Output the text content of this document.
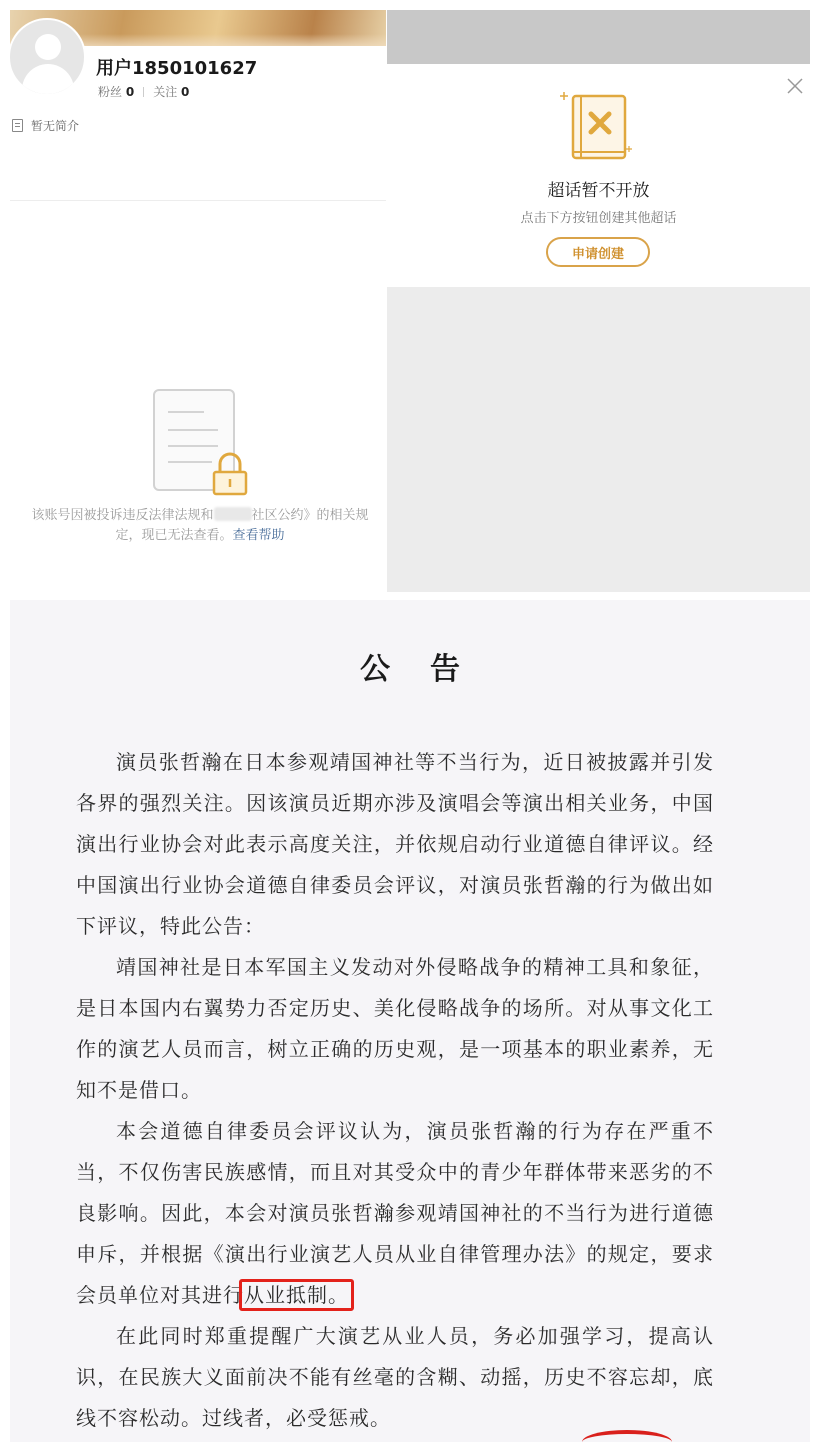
用户1850101627
粉丝 0 关注 0
暂无简介
该账号因被投诉违反法律法规和	社区公约》的相关规定，现已无法查看。查看帮助
超话暂不开放
点击下方按钮创建其他超话
申请创建
公告

演员张哲瀚在日本参观靖国神社等不当行为，近日被披露并引发各界的强烈关注。因该演员近期亦涉及演唱会等演出相关业务，中国演出行业协会对此表示高度关注，并依规启动行业道德自律评议。经中国演出行业协会道德自律委员会评议，对演员张哲瀚的行为做出如下评议，特此公告：

靖国神社是日本军国主义发动对外侵略战争的精神工具和象征，是日本国内右翼势力否定历史、美化侵略战争的场所。对从事文化工作的演艺人员而言，树立正确的历史观，是一项基本的职业素养，无知不是借口。

本会道德自律委员会评议认为，演员张哲瀚的行为存在严重不当，不仅伤害民族感情，而且对其受众中的青少年群体带来恶劣的不良影响。因此，本会对演员张哲瀚参观靖国神社的不当行为进行道德申斥，并根据《演出行业演艺人员从业自律管理办法》的规定，要求会员单位对其进行从业抵制。

在此同时郑重提醒广大演艺从业人员，务必加强学习，提高认识，在民族大义面前决不能有丝毫的含糊、动摇，历史不容忘却，底线不容松动。过线者，必受惩戒。
